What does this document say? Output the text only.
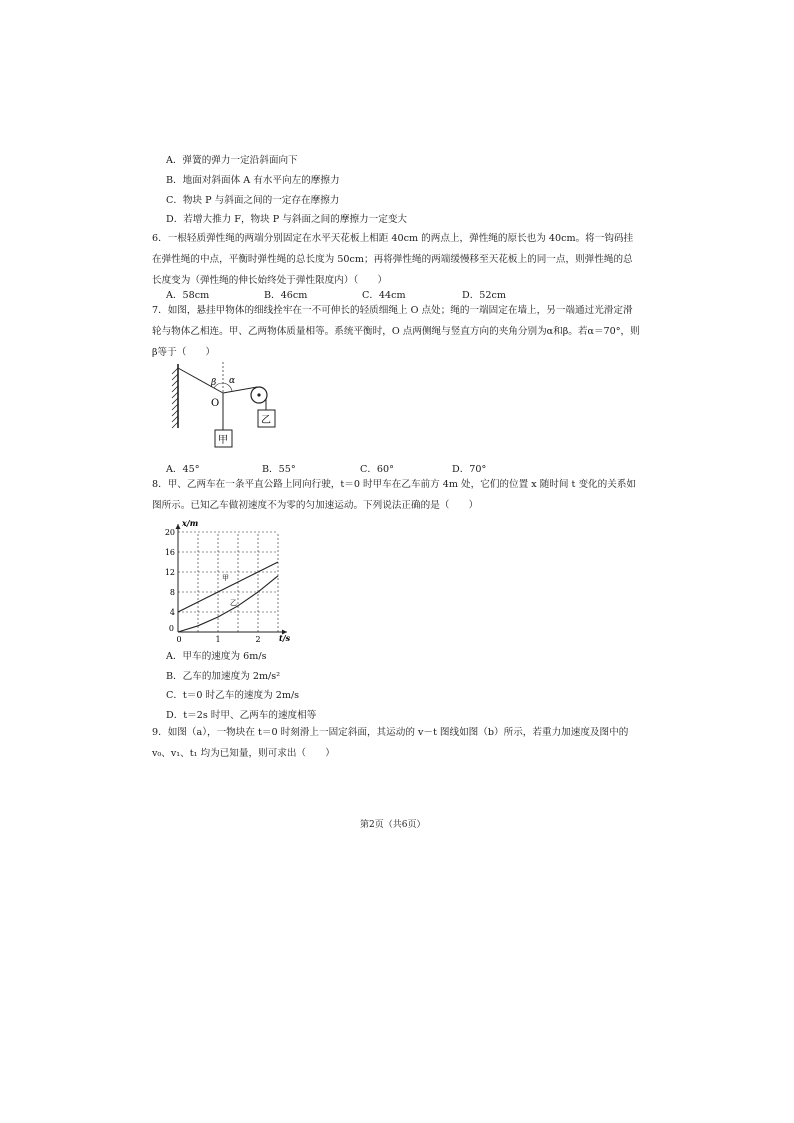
A．弹簧的弹力一定沿斜面向下
B．地面对斜面体 A 有水平向左的摩擦力
C．物块 P 与斜面之间的一定存在摩擦力
D．若增大推力 F，物块 P 与斜面之间的摩擦力一定变大
6．一根轻质弹性绳的两端分别固定在水平天花板上相距 40cm 的两点上，弹性绳的原长也为 40cm。将一钩码挂在弹性绳的中点，平衡时弹性绳的总长度为 50cm；再将弹性绳的两端缓慢移至天花板上的同一点，则弹性绳的总长度变为（弹性绳的伸长始终处于弹性限度内）（　　）
A．58cm	B．46cm	C．44cm	D．52cm
7．如图，悬挂甲物体的细线拴牢在一不可伸长的轻质细绳上 O 点处；绳的一端固定在墙上，另一端通过光滑定滑轮与物体乙相连。甲、乙两物体质量相等。系统平衡时，O 点两侧绳与竖直方向的夹角分别为α和β。若α＝70°，则β等于（　　）
β α
O
甲
乙
A．45°	B．55°	C．60°	D．70°
8．甲、乙两车在一条平直公路上同向行驶，t＝0 时甲车在乙车前方 4m 处，它们的位置 x 随时间 t 变化的关系如图所示。已知乙车做初速度不为零的匀加速运动。下列说法正确的是（　　）
x/m
t/s
4
8
12
16
20
0
1	2
0
甲
乙
A．甲车的速度为 6m/s
B．乙车的加速度为 2m/s²
C．t＝0 时乙车的速度为 2m/s
D．t＝2s 时甲、乙两车的速度相等
9．如图（a），一物块在 t＝0 时刻滑上一固定斜面，其运动的 v－t 图线如图（b）所示，若重力加速度及图中的 v₀、v₁、t₁ 均为已知量，则可求出（　　）
第2页（共6页）
